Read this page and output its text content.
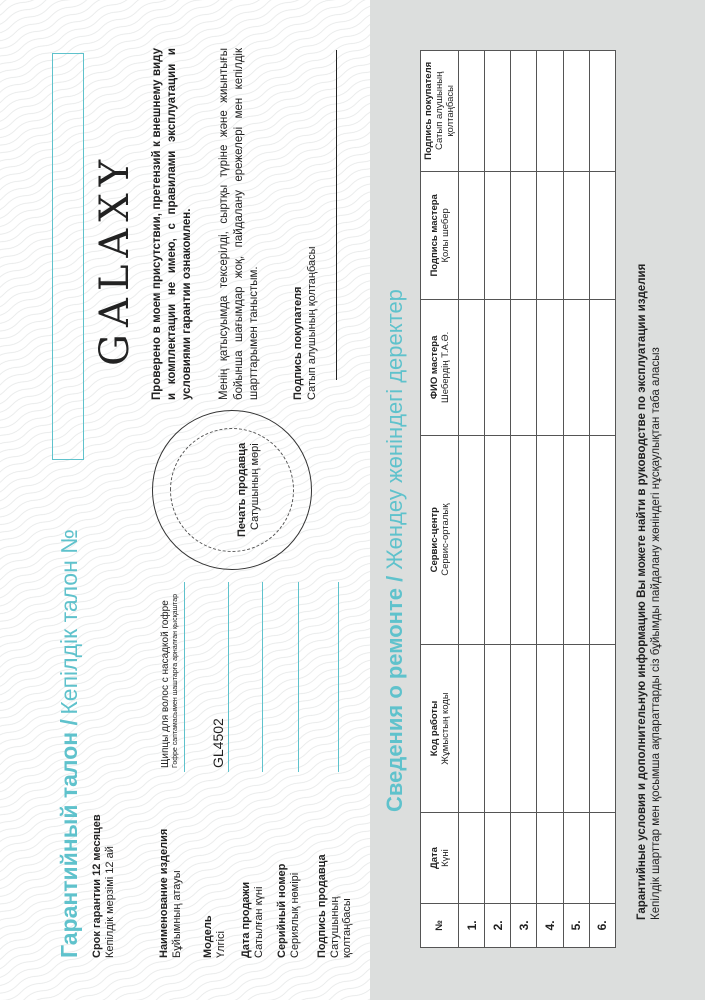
Гарантийный талон / Кепілдік талон №
Срок гарантии 12 месяцев Кепілдік мерзімі 12 ай	Наименование изделия Бұйымның атауы
Щипцы для волос с насадкой гофре Гофре саптамасымен шаштарға арналған қысқаштар
Модель Үлгісі
GL4502
Дата продажи Сатылған күні Серийный номер Сериялық нөмірі Подпись продавца Сатушының қолтаңбасы
Печать продавца Сатушының мөрі
GALAXY Проверено в моем присутствии, претензий к внешнему виду и комплектации не имею, с правилами эксплуатации и условиями гарантии ознакомлен. Менің қатысуымда тексерілді, сыртқы түріне және жиынтығы бойынша шағымдар жоқ, пайдалану ережелері мен кепілдік шарттарымен таныстым.	Подпись покупателя Сатып алушының қолтаңбасы
Сведения о ремонте / Жөндеу жөніндегі деректер
№	Дата Күні	Код работы Жұмыстың коды	Сервис-центр Сервис-орталық	ФИО мастера Шебердің Т.А.Ә.	Подпись мастера Қолы шебер	Подпись покупателя Сатып алушының қолтаңбасы

1.						
2.						
3.						
4.						
5.						
6.						
Гарантийные условия и дополнительную информацию Вы можете найти в руководстве по эксплуатации изделия Кепілдік шарттар мен қосымша ақпараттарды сіз бұйымды пайдалану жөніндегі нұсқаулықтан таба аласыз
